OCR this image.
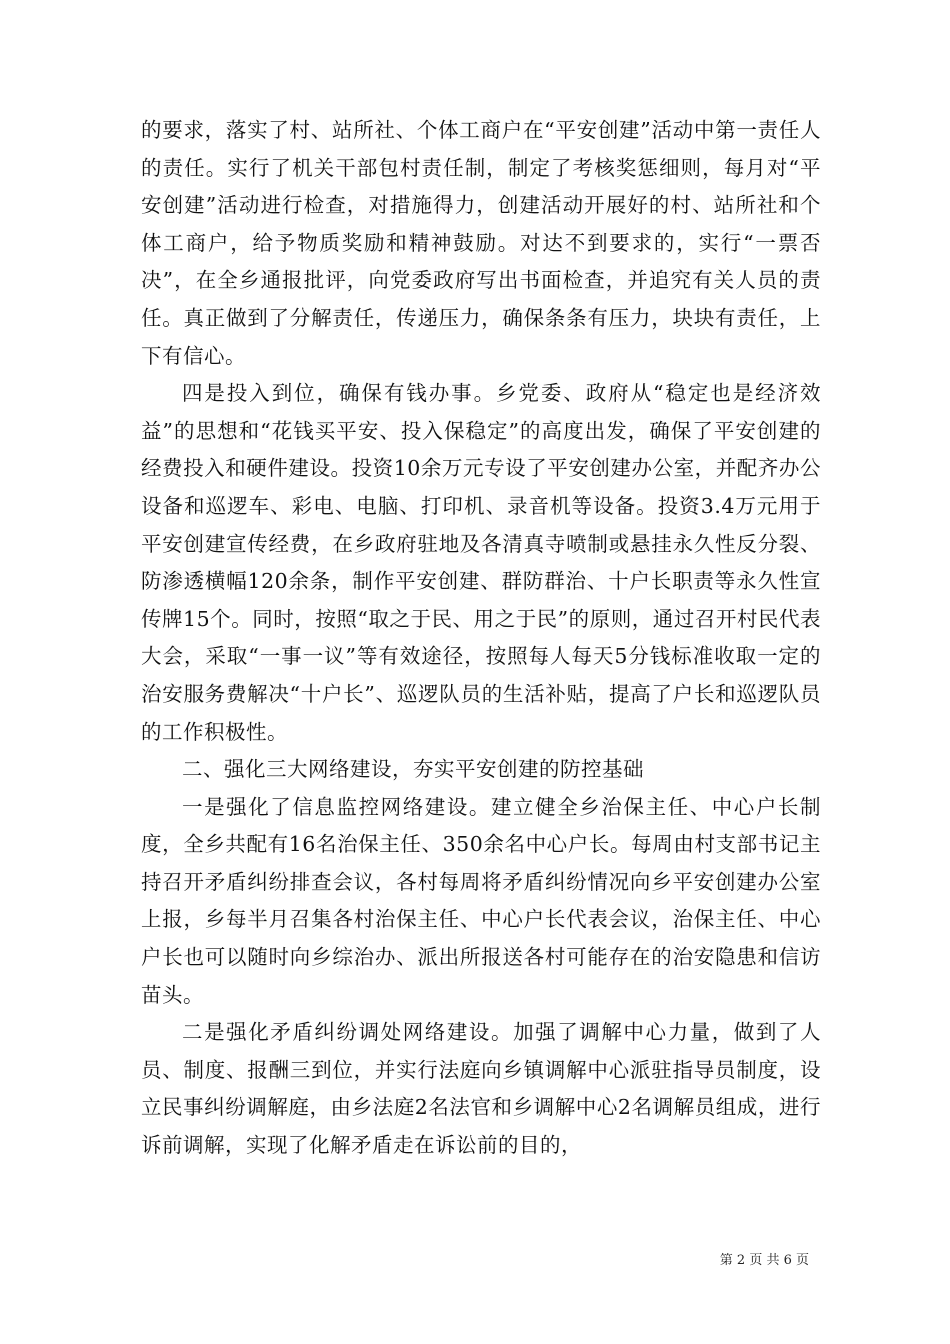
的要求，落实了村、站所社、个体工商户在“平安创建”活动中第一责任人的责任。实行了机关干部包村责任制，制定了考核奖惩细则，每月对“平安创建”活动进行检查，对措施得力，创建活动开展好的村、站所社和个体工商户，给予物质奖励和精神鼓励。对达不到要求的，实行“一票否决”，在全乡通报批评，向党委政府写出书面检查，并追究有关人员的责任。真正做到了分解责任，传递压力，确保条条有压力，块块有责任，上下有信心。

四是投入到位，确保有钱办事。乡党委、政府从“稳定也是经济效益”的思想和“花钱买平安、投入保稳定”的高度出发，确保了平安创建的经费投入和硬件建设。投资10余万元专设了平安创建办公室，并配齐办公设备和巡逻车、彩电、电脑、打印机、录音机等设备。投资3.4万元用于平安创建宣传经费，在乡政府驻地及各清真寺喷制或悬挂永久性反分裂、防渗透横幅120余条，制作平安创建、群防群治、十户长职责等永久性宣传牌15个。同时，按照“取之于民、用之于民”的原则，通过召开村民代表大会，采取“一事一议”等有效途径，按照每人每天5分钱标准收取一定的治安服务费解决“十户长”、巡逻队员的生活补贴，提高了户长和巡逻队员的工作积极性。

二、强化三大网络建设，夯实平安创建的防控基础

一是强化了信息监控网络建设。建立健全乡治保主任、中心户长制度，全乡共配有16名治保主任、350余名中心户长。每周由村支部书记主持召开矛盾纠纷排查会议，各村每周将矛盾纠纷情况向乡平安创建办公室上报，乡每半月召集各村治保主任、中心户长代表会议，治保主任、中心户长也可以随时向乡综治办、派出所报送各村可能存在的治安隐患和信访苗头。

二是强化矛盾纠纷调处网络建设。加强了调解中心力量，做到了人员、制度、报酬三到位，并实行法庭向乡镇调解中心派驻指导员制度，设立民事纠纷调解庭，由乡法庭2名法官和乡调解中心2名调解员组成，进行诉前调解，实现了化解矛盾走在诉讼前的目的，

第 2 页 共 6 页
